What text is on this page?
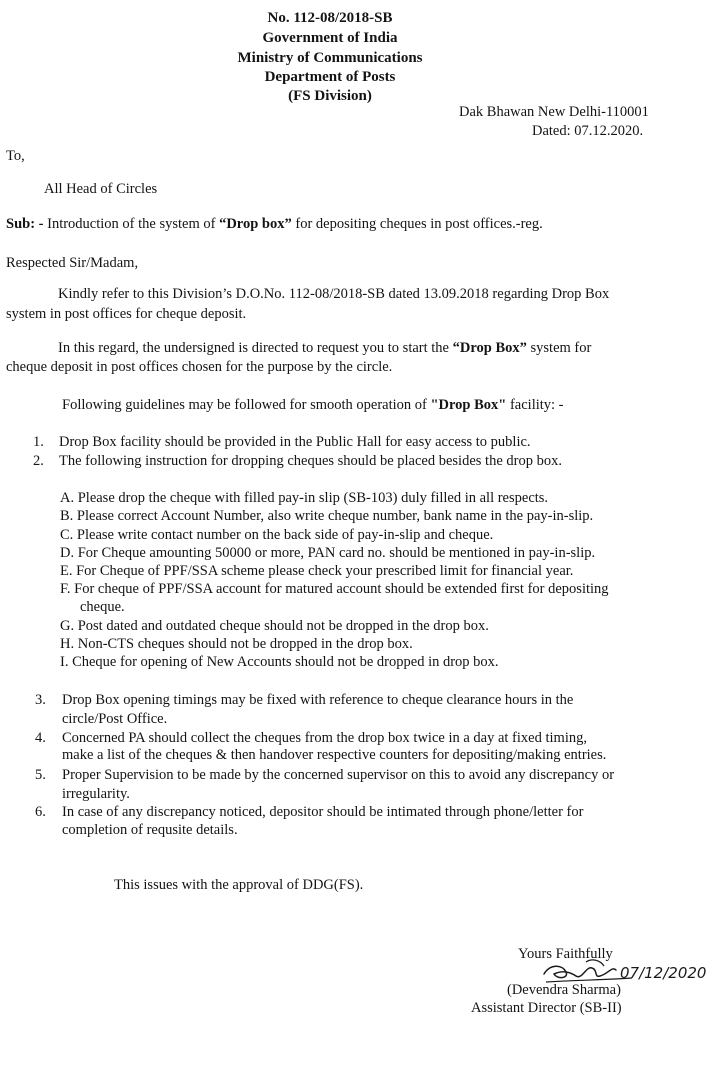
No. 112-08/2018-SB
Government of India
Ministry of Communications
Department of Posts
(FS Division)
Dak Bhawan New Delhi-110001
Dated: 07.12.2020.
To,
All Head of Circles
Sub: - Introduction of the system of “Drop box” for depositing cheques in post offices.-reg.
Respected Sir/Madam,
Kindly refer to this Division’s D.O.No. 112-08/2018-SB dated 13.09.2018 regarding Drop Box
system in post offices for cheque deposit.
In this regard, the undersigned is directed to request you to start the “Drop Box” system for
cheque deposit in post offices chosen for the purpose by the circle.
Following guidelines may be followed for smooth operation of "Drop Box" facility: -
1. Drop Box facility should be provided in the Public Hall for easy access to public.
2. The following instruction for dropping cheques should be placed besides the drop box.
A. Please drop the cheque with filled pay-in slip (SB-103) duly filled in all respects.
B. Please correct Account Number, also write cheque number, bank name in the pay-in-slip.
C. Please write contact number on the back side of pay-in-slip and cheque.
D. For Cheque amounting 50000 or more, PAN card no. should be mentioned in pay-in-slip.
E. For Cheque of PPF/SSA scheme please check your prescribed limit for financial year.
F. For cheque of PPF/SSA account for matured account should be extended first for depositing
cheque.
G. Post dated and outdated cheque should not be dropped in the drop box.
H. Non-CTS cheques should not be dropped in the drop box.
I. Cheque for opening of New Accounts should not be dropped in drop box.
3. Drop Box opening timings may be fixed with reference to cheque clearance hours in the
circle/Post Office.
4. Concerned PA should collect the cheques from the drop box twice in a day at fixed timing,
make a list of the cheques & then handover respective counters for depositing/making entries.
5. Proper Supervision to be made by the concerned supervisor on this to avoid any discrepancy or
irregularity.
6. In case of any discrepancy noticed, depositor should be intimated through phone/letter for
completion of requsite details.
This issues with the approval of DDG(FS).
Yours Faithfully
07/12/2020
(Devendra Sharma)
Assistant Director (SB-II)
